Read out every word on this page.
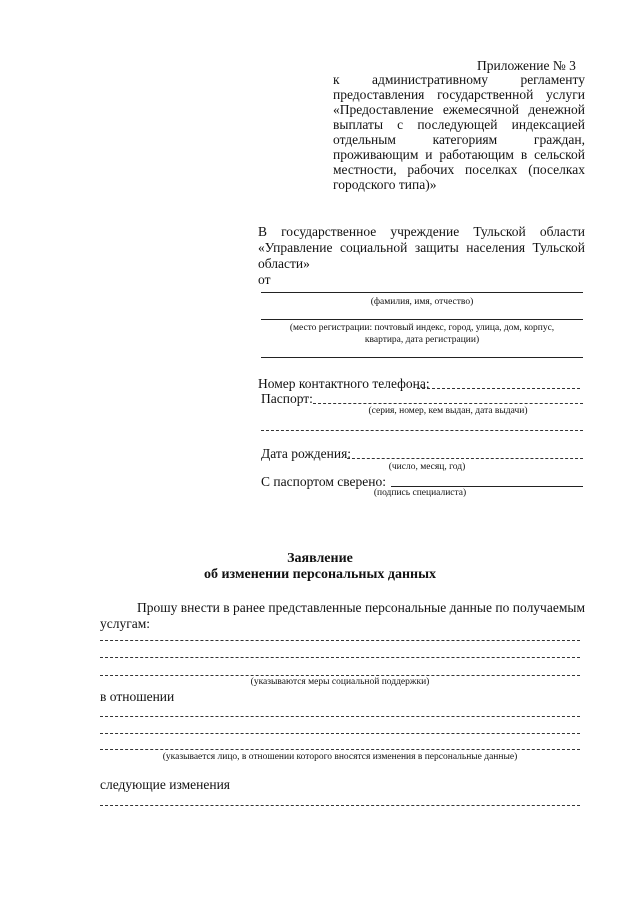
Приложение № 3
к административному регламенту
предоставления государственной услуги
«Предоставление ежемесячной денежной
выплаты с последующей индексацией
отдельным категориям граждан,
проживающим и работающим в сельской
местности, рабочих поселках (поселках
городского типа)»
В государственное учреждение Тульской области
«Управление социальной защиты населения Тульской
области»
от
(фамилия, имя, отчество)
(место регистрации: почтовый индекс, город, улица, дом, корпус,
квартира, дата регистрации)
Номер контактного телефона:
Паспорт:
(серия, номер, кем выдан, дата выдачи)
Дата рождения:
(число, месяц, год)
С паспортом сверено:
(подпись специалиста)
Заявление
об изменении персональных данных
Прошу внести в ранее представленные персональные данные по получаемым
услугам:
(указываются меры социальной поддержки)
в отношении
(указывается лицо, в отношении которого вносятся изменения в персональные данные)
следующие изменения
